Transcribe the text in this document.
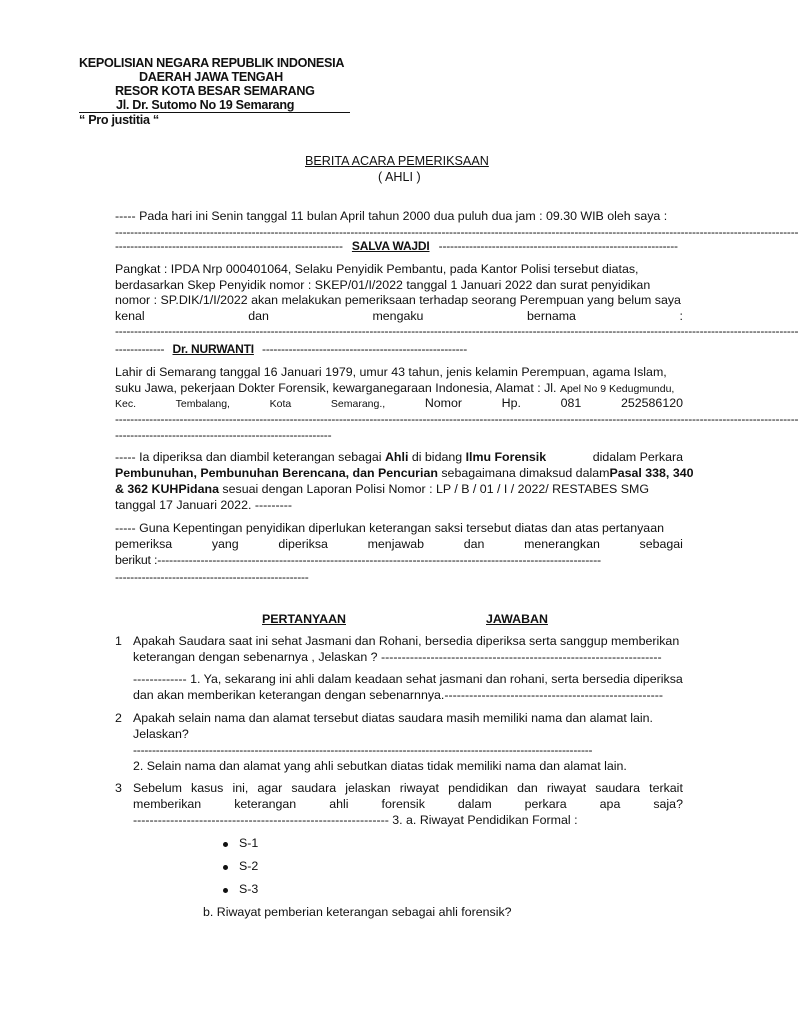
KEPOLISIAN NEGARA REPUBLIK INDONESIA
DAERAH JAWA TENGAH
RESOR KOTA BESAR SEMARANG
Jl. Dr. Sutomo No 19 Semarang
“ Pro justitia “
BERITA ACARA PEMERIKSAAN
( AHLI )
----- Pada hari ini Senin tanggal 11 bulan April tahun 2000 dua puluh dua jam : 09.30 WIB oleh saya :
------------------------------------------------------------------------------------------------------------------------------------------------------------------------------------
------------------------------------------------------------ SALVA WAJDI ---------------------------------------------------------------
Pangkat : IPDA Nrp 000401064, Selaku Penyidik Pembantu, pada Kantor Polisi tersebut diatas,
berdasarkan Skep Penyidik nomor : SKEP/01/I/2022 tanggal 1 Januari 2022 dan surat penyidikan
nomor : SP.DIK/1/I/2022 akan melakukan pemeriksaan terhadap seorang Perempuan yang belum saya
kenal	dan	mengaku	bernama	:
------------------------------------------------------------------------------------------------------------------------------------------------------------------------------------
------------- Dr. NURWANTI ------------------------------------------------------
Lahir di Semarang tanggal 16 Januari 1979, umur 43 tahun, jenis kelamin Perempuan, agama Islam,
suku Jawa, pekerjaan Dokter Forensik, kewarganegaraan Indonesia, Alamat : Jl. Apel No 9 Kedugmundu,
Kec.	Tembalang,	Kota	Semarang.,	Nomor	Hp.	081	252586120
------------------------------------------------------------------------------------------------------------------------------------------------------------------------------------
---------------------------------------------------------
----- Ia diperiksa dan diambil keterangan sebagai Ahli di bidang Ilmu Forensik	didalam Perkara
Pembunuhan, Pembunuhan Berencana, dan Pencurian sebagaimana dimaksud dalam Pasal 338, 340
& 362 KUHPidana sesuai dengan Laporan Polisi Nomor : LP / B / 01 / I / 2022/ RESTABES SMG
tanggal 17 Januari 2022. ---------
----- Guna Kepentingan penyidikan diperlukan keterangan saksi tersebut diatas dan atas pertanyaan
pemeriksa	yang	diperiksa	menjawab	dan	menerangkan	sebagai
berikut :-----------------------------------------------------------------------------------------------------------------
---------------------------------------------------
PERTANYAAN	JAWABAN
1 Apakah Saudara saat ini sehat Jasmani dan Rohani, bersedia diperiksa serta sanggup memberikan
keterangan dengan sebenarnya , Jelaskan ? --------------------------------------------------------------------
------------- 1. Ya, sekarang ini ahli dalam keadaan sehat jasmani dan rohani, serta bersedia diperiksa
dan akan memberikan keterangan dengan sebenarnnya.-----------------------------------------------------
2 Apakah selain nama dan alamat tersebut diatas saudara masih memiliki nama dan alamat lain.
Jelaskan?
-------------------------------------------------------------------------------------------------------------------------
2. Selain nama dan alamat yang ahli sebutkan diatas tidak memiliki nama dan alamat lain.
3 Sebelum kasus ini, agar saudara jelaskan riwayat pendidikan dan riwayat saudara terkait
memberikan	keterangan	ahli	forensik	dalam	perkara	apa	saja?
-------------------------------------------------------------- 3. a. Riwayat Pendidikan Formal :
S-1
S-2
S-3
b. Riwayat pemberian keterangan sebagai ahli forensik?
